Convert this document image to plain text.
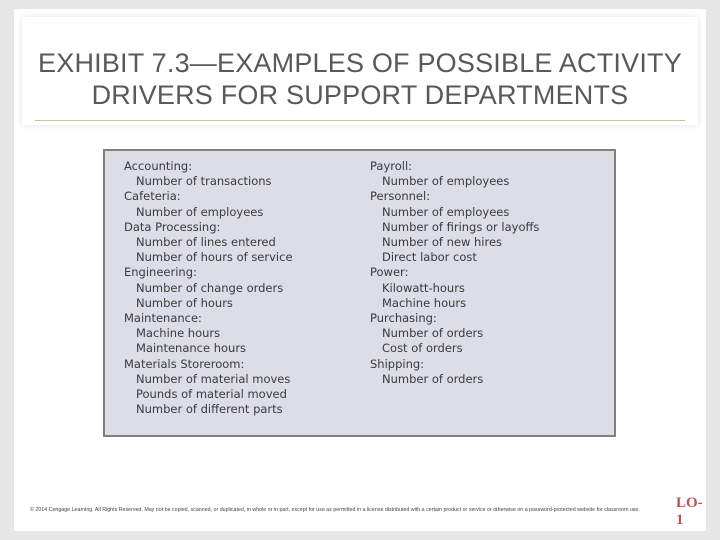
EXHIBIT 7.3—EXAMPLES OF POSSIBLE ACTIVITY DRIVERS FOR SUPPORT DEPARTMENTS
Accounting:
Number of transactions
Cafeteria:
Number of employees
Data Processing:
Number of lines entered
Number of hours of service
Engineering:
Number of change orders
Number of hours
Maintenance:
Machine hours
Maintenance hours
Materials Storeroom:
Number of material moves
Pounds of material moved
Number of different parts
Payroll:
Number of employees
Personnel:
Number of employees
Number of firings or layoffs
Number of new hires
Direct labor cost
Power:
Kilowatt-hours
Machine hours
Purchasing:
Number of orders
Cost of orders
Shipping:
Number of orders
LO-1
© 2014 Cengage Learning. All Rights Reserved. May not be copied, scanned, or duplicated, in whole or in part, except for use as permitted in a license distributed with a certain product or service or otherwise on a password-protected website for classroom use.
